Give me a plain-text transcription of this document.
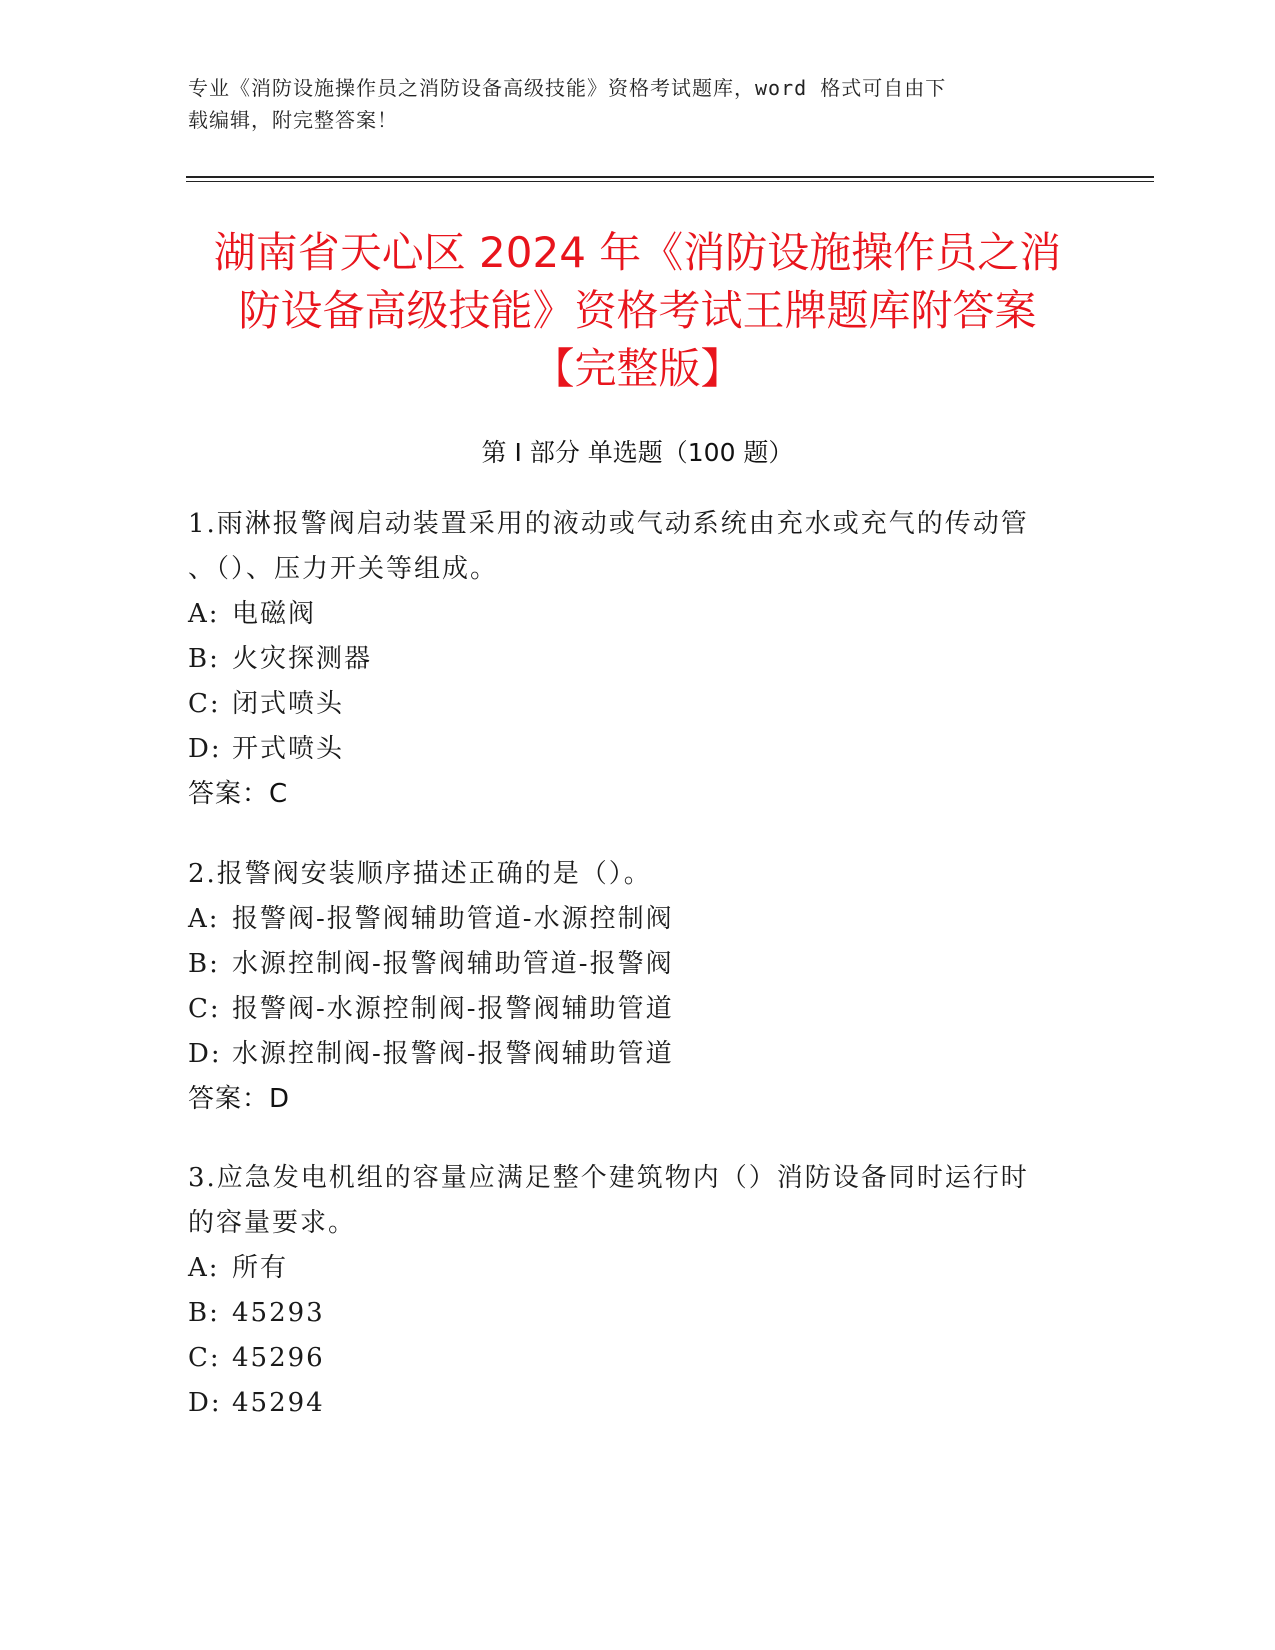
专业《消防设施操作员之消防设备高级技能》资格考试题库，word 格式可自由下
载编辑，附完整答案！
湖南省天心区 2024 年《消防设施操作员之消
防设备高级技能》资格考试王牌题库附答案
【完整版】
第 I 部分 单选题（100 题）
1.雨淋报警阀启动装置采用的液动或气动系统由充水或充气的传动管
、（）、压力开关等组成。
A: 电磁阀
B: 火灾探测器
C: 闭式喷头
D: 开式喷头
答案：C
2.报警阀安装顺序描述正确的是（）。
A: 报警阀-报警阀辅助管道-水源控制阀
B: 水源控制阀-报警阀辅助管道-报警阀
C: 报警阀-水源控制阀-报警阀辅助管道
D: 水源控制阀-报警阀-报警阀辅助管道
答案：D
3.应急发电机组的容量应满足整个建筑物内（）消防设备同时运行时
的容量要求。
A: 所有
B: 45293
C: 45296
D: 45294
